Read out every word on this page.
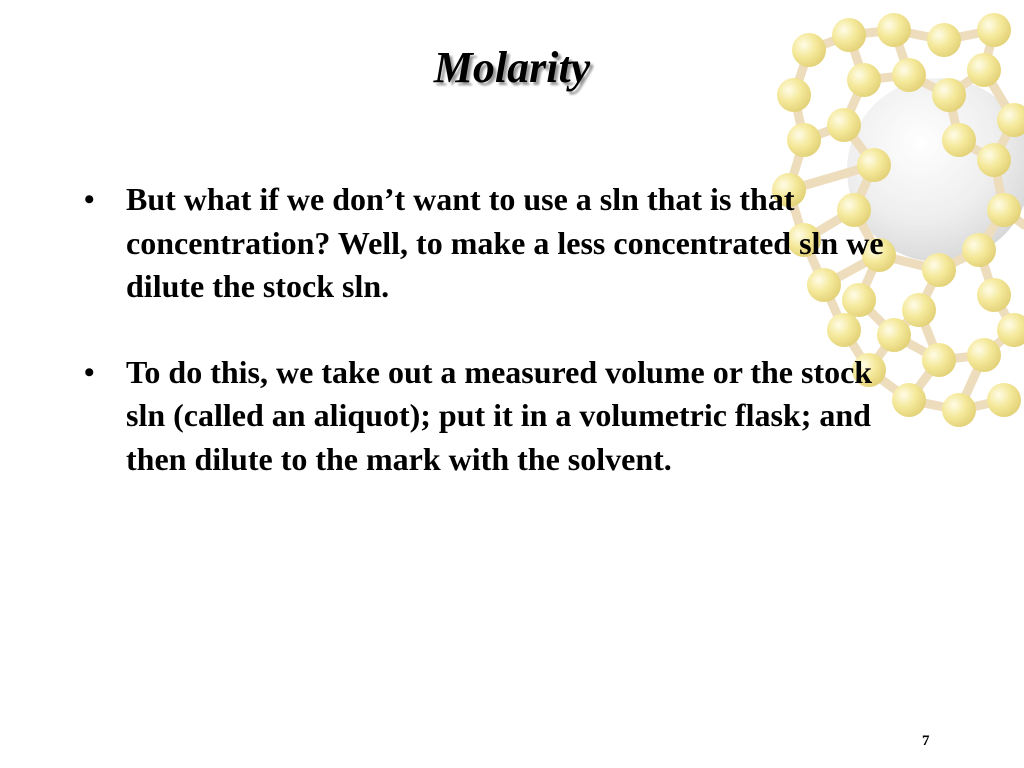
Molarity
• But what if we don’t want to use a sln that is that concentration? Well, to make a less concentrated sln we dilute the stock sln.
• To do this, we take out a measured volume or the stock sln (called an aliquot); put it in a volumetric flask; and then dilute to the mark with the solvent.
7
